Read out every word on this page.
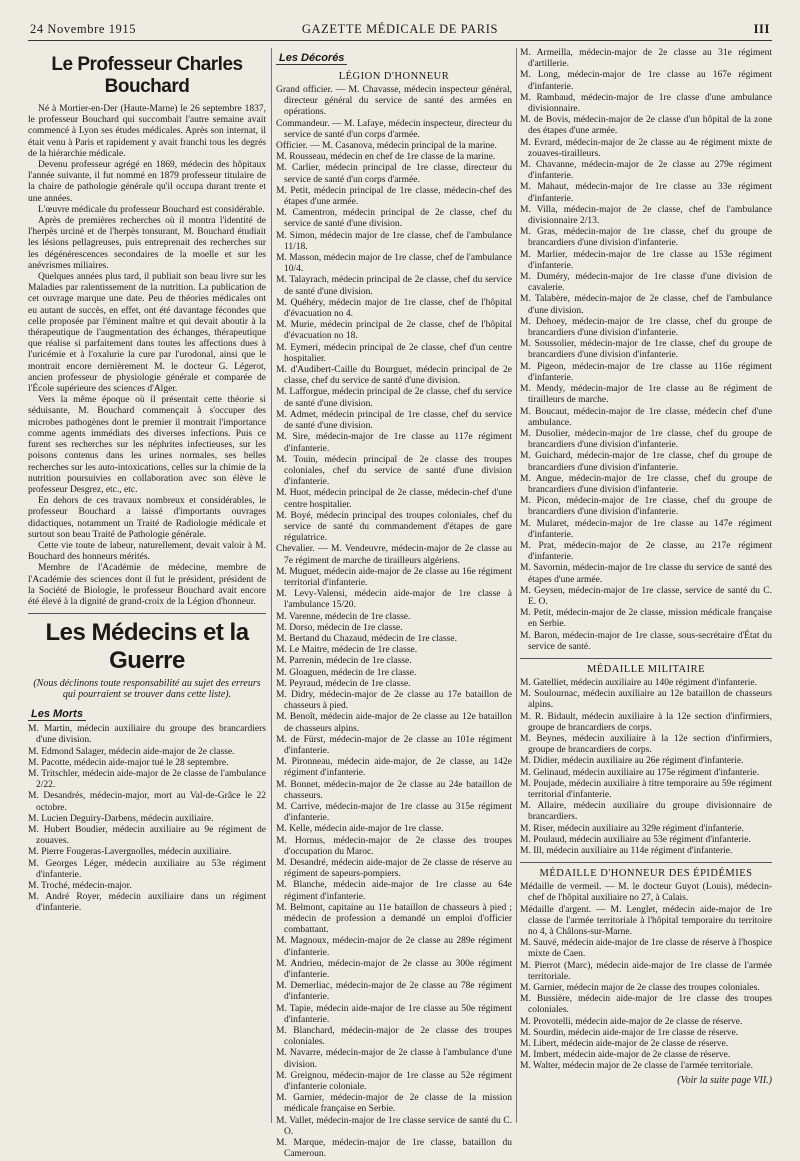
24 Novembre 1915	GAZETTE MÉDICALE DE PARIS	III
Le Professeur Charles Bouchard

Né à Mortier-en-Der (Haute-Marne) le 26 septembre 1837, le professeur Bouchard qui succombait l'autre semaine avait commencé à Lyon ses études médicales. Après son internat, il était venu à Paris et rapidement y avait franchi tous les degrés de la hiérarchie médicale.

Devenu professeur agrégé en 1869, médecin des hôpitaux l'année suivante, il fut nommé en 1879 professeur titulaire de la chaire de pathologie générale qu'il occupa durant trente et une années.

L'œuvre médicale du professeur Bouchard est considérable.

Après de premières recherches où il montra l'identité de l'herpès urciné et de l'herpès tonsurant, M. Bouchard étudiait les lésions pellagreuses, puis entreprenait des recherches sur les dégénérescences secondaires de la moelle et sur les anévrismes miliaires.

Quelques années plus tard, il publiait son beau livre sur les Maladies par ralentissement de la nutrition. La publication de cet ouvrage marque une date. Peu de théories médicales ont eu autant de succès, en effet, ont été davantage fécondes que celle proposée par l'éminent maître et qui devait aboutir à la thérapeutique de l'augmentation des échanges, thérapeutique que réalise si parfaitement dans toutes les affections dues à l'uricémie et à l'oxalurie la cure par l'urodonal, ainsi que le montrait encore dernièrement M. le docteur G. Légerot, ancien professeur de physiologie générale et comparée de l'École supérieure des sciences d'Alger.

Vers la même époque où il présentait cette théorie si séduisante, M. Bouchard commençait à s'occuper des microbes pathogènes dont le premier il montrait l'importance comme agents immédiats des diverses infections. Puis ce furent ses recherches sur les néphrites infectieuses, sur les poisons contenus dans les urines normales, ses belles recherches sur les auto-intoxications, celles sur la chimie de la nutrition poursuivies en collaboration avec son élève le professeur Desgrez, etc., etc.

En dehors de ces travaux nombreux et considérables, le professeur Bouchard a laissé d'importants ouvrages didactiques, notamment un Traité de Radiologie médicale et surtout son beau Traité de Pathologie générale.

Cette vie toute de labeur, naturellement, devait valoir à M. Bouchard des honneurs mérités.

Membre de l'Académie de médecine, membre de l'Académie des sciences dont il fut le président, président de la Société de Biologie, le professeur Bouchard avait encore été élevé à la dignité de grand-croix de la Légion d'honneur.

Les Médecins et la Guerre

(Nous déclinons toute responsabilité au sujet des erreurs qui pourraient se trouver dans cette liste).

Les Morts

M. Martin, médecin auxiliaire du groupe des brancardiers d'une division.

M. Edmond Salager, médecin aide-major de 2e classe.

M. Pacotte, médecin aide-major tué le 28 septembre.

M. Tritschler, médecin aide-major de 2e classe de l'ambulance 2/22.

M. Desandrés, médecin-major, mort au Val-de-Grâce le 22 octobre.

M. Lucien Deguiry-Darbens, médecin auxiliaire.

M. Hubert Boudier, médecin auxiliaire au 9e régiment de zouaves.

M. Pierre Fougeras-Lavergnolles, médecin auxiliaire.

M. Georges Léger, médecin auxiliaire au 53e régiment d'infanterie.

M. Troché, médecin-major.

M. André Royer, médecin auxiliaire dans un régiment d'infanterie.

Les Décorés
LÉGION D'HONNEUR

Grand officier. — M. Chavasse, médecin inspecteur général, directeur général du service de santé des armées en opérations.

Commandeur. — M. Lafaye, médecin inspecteur, directeur du service de santé d'un corps d'armée.

Officier. — M. Casanova, médecin principal de la marine.

M. Rousseau, médecin en chef de 1re classe de la marine.

M. Carlier, médecin principal de 1re classe, directeur du service de santé d'un corps d'armée.

M. Petit, médecin principal de 1re classe, médecin-chef des étapes d'une armée.

M. Camentron, médecin principal de 2e classe, chef du service de santé d'une division.

M. Simon, médecin major de 1re classe, chef de l'ambulance 11/18.

M. Masson, médecin major de 1re classe, chef de l'ambulance 10/4.

M. Talayrach, médecin principal de 2e classe, chef du service de santé d'une division.

M. Quéhéry, médecin major de 1re classe, chef de l'hôpital d'évacuation no 4.

M. Murie, médecin principal de 2e classe, chef de l'hôpital d'évacuation no 18.

M. Eymeri, médecin principal de 2e classe, chef d'un centre hospitalier.

M. d'Audibert-Caille du Bourguet, médecin principal de 2e classe, chef du service de santé d'une division.

M. Lafforgue, médecin principal de 2e classe, chef du service de santé d'une division.

M. Admet, médecin principal de 1re classe, chef du service de santé d'une division.

M. Sire, médecin-major de 1re classe au 117e régiment d'infanterie.

M. Touin, médecin principal de 2e classe des troupes coloniales, chef du service de santé d'une division d'infanterie.

M. Huot, médecin principal de 2e classe, médecin-chef d'une centre hospitalier.

M. Boyé, médecin principal des troupes coloniales, chef du service de santé du commandement d'étapes de gare régulatrice.

Chevalier. — M. Vendeuvre, médecin-major de 2e classe au 7e régiment de marche de tirailleurs algériens.

M. Muguet, médecin aide-major de 2e classe au 16e régiment territorial d'infanterie.

M. Levy-Valensi, médecin aide-major de 1re classe à l'ambulance 15/20.

M. Varenne, médecin de 1re classe.

M. Dorso, médecin de 1re classe.

M. Bertand du Chazaud, médecin de 1re classe.

M. Le Maitre, médecin de 1re classe.

M. Parrenin, médecin de 1re classe.

M. Gloaguen, médecin de 1re classe.

M. Peyraud, médecin de 1re classe.

M. Didry, médecin-major de 2e classe au 17e bataillon de chasseurs à pied.

M. Benoît, médecin aide-major de 2e classe au 12e bataillon de chasseurs alpins.

M. de Fürst, médecin-major de 2e classe au 101e régiment d'infanterie.

M. Pironneau, médecin aide-major, de 2e classe, au 142e régiment d'infanterie.

M. Bonnet, médecin-major de 2e classe au 24e bataillon de chasseurs.

M. Carrive, médecin-major de 1re classe au 315e régiment d'infanterie.

M. Kelle, médecin aide-major de 1re classe.

M. Hornus, médecin-major de 2e classe des troupes d'occupation du Maroc.

M. Desandré, médecin aide-major de 2e classe de réserve au régiment de sapeurs-pompiers.

M. Blanche, médecin aide-major de 1re classe au 64e régiment d'infanterie.

M. Belmont, capitaine au 11e bataillon de chasseurs à pied ; médecin de profession a demandé un emploi d'officier combattant.

M. Magnoux, médecin-major de 2e classe au 289e régiment d'infanterie.

M. Andrieu, médecin-major de 2e classe au 300e régiment d'infanterie.

M. Demerliac, médecin-major de 2e classe au 78e régiment d'infanterie.

M. Tapie, médecin aide-major de 1re classe au 50e régiment d'infanterie.

M. Blanchard, médecin-major de 2e classe des troupes coloniales.

M. Navarre, médecin-major de 2e classe à l'ambulance d'une division.

M. Greignou, médecin-major de 1re classe au 52e régiment d'infanterie coloniale.

M. Garnier, médecin-major de 2e classe de la mission médicale française en Serbie.

M. Vallet, médecin-major de 1re classe service de santé du C. O.

M. Marque, médecin-major de 1re classe, bataillon du Cameroun.

M. Armeilla, médecin-major de 2e classe au 31e régiment d'artillerie.

M. Long, médecin-major de 1re classe au 167e régiment d'infanterie.

M. Rambaud, médecin-major de 1re classe d'une ambulance divisionnaire.

M. de Bovis, médecin-major de 2e classe d'un hôpital de la zone des étapes d'une armée.

M. Evrard, médecin-major de 2e classe au 4e régiment mixte de zouaves-tirailleurs.

M. Chavanne, médecin-major de 2e classe au 279e régiment d'infanterie.

M. Mahaut, médecin-major de 1re classe au 33e régiment d'infanterie.

M. Villa, médecin-major de 2e classe, chef de l'ambulance divisionnaire 2/13.

M. Gras, médecin-major de 1re classe, chef du groupe de brancardiers d'une division d'infanterie.

M. Marlier, médecin-major de 1re classe au 153e régiment d'infanterie.

M. Duméry, médecin-major de 1re classe d'une division de cavalerie.

M. Talabère, médecin-major de 2e classe, chef de l'ambulance d'une division.

M. Dehoey, médecin-major de 1re classe, chef du groupe de brancardiers d'une division d'infanterie.

M. Soussolier, médecin-major de 1re classe, chef du groupe de brancardiers d'une division d'infanterie.

M. Pigeon, médecin-major de 1re classe au 116e régiment d'infanterie.

M. Mendy, médecin-major de 1re classe au 8e régiment de tirailleurs de marche.

M. Boucaut, médecin-major de 1re classe, médecin chef d'une ambulance.

M. Dusolier, médecin-major de 1re classe, chef du groupe de brancardiers d'une division d'infanterie.

M. Guichard, médecin-major de 1re classe, chef du groupe de brancardiers d'une division d'infanterie.

M. Angue, médecin-major de 1re classe, chef du groupe de brancardiers d'une division d'infanterie.

M. Picon, médecin-major de 1re classe, chef du groupe de brancardiers d'une division d'infanterie.

M. Mularet, médecin-major de 1re classe au 147e régiment d'infanterie.

M. Prat, médecin-major de 2e classe, au 217e régiment d'infanterie.

M. Savornin, médecin-major de 1re classe du service de santé des étapes d'une armée.

M. Geysen, médecin-major de 1re classe, service de santé du C. E. O.

M. Petit, médecin-major de 2e classe, mission médicale française en Serbie.

M. Baron, médecin-major de 1re classe, sous-secrétaire d'État du service de santé.

MÉDAILLE MILITAIRE

M. Gatelliet, médecin auxiliaire au 140e régiment d'infanterie.

M. Soulournac, médecin auxiliaire au 12e bataillon de chasseurs alpins.

M. R. Bidault, médecin auxiliaire à la 12e section d'infirmiers, groupe de brancardiers de corps.

M. Beynes, médecin auxiliaire à la 12e section d'infirmiers, groupe de brancardiers de corps.

M. Didier, médecin auxiliaire au 26e régiment d'infanterie.

M. Gelinaud, médecin auxiliaire au 175e régiment d'infanterie.

M. Poujade, médecin auxiliaire à titre temporaire au 59e régiment territorial d'infanterie.

M. Allaire, médecin auxiliaire du groupe divisionnaire de brancardiers.

M. Riser, médecin auxiliaire au 329e régiment d'infanterie.

M. Poulaud, médecin auxiliaire au 53e régiment d'infanterie.

M. Ill, médecin auxiliaire au 114e régiment d'infanterie.

MÉDAILLE D'HONNEUR DES ÉPIDÉMIES

Médaille de vermeil. — M. le docteur Guyot (Louis), médecin-chef de l'hôpital auxiliaire no 27, à Calais.

Médaille d'argent. — M. Lenglet, médecin aide-major de 1re classe de l'armée territoriale à l'hôpital temporaire du territoire no 4, à Châlons-sur-Marne.

M. Sauvé, médecin aide-major de 1re classe de réserve à l'hospice mixte de Caen.

M. Pierrot (Marc), médecin aide-major de 1re classe de l'armée territoriale.

M. Garnier, médecin major de 2e classe des troupes coloniales.

M. Bussière, médecin aide-major de 1re classe des troupes coloniales.

M. Provotelli, médecin aide-major de 2e classe de réserve.

M. Sourdin, médecin aide-major de 1re classe de réserve.

M. Libert, médecin aide-major de 2e classe de réserve.

M. Imbert, médecin aide-major de 2e classe de réserve.

M. Walter, médecin major de 2e classe de l'armée territoriale.

(Voir la suite page VII.)
